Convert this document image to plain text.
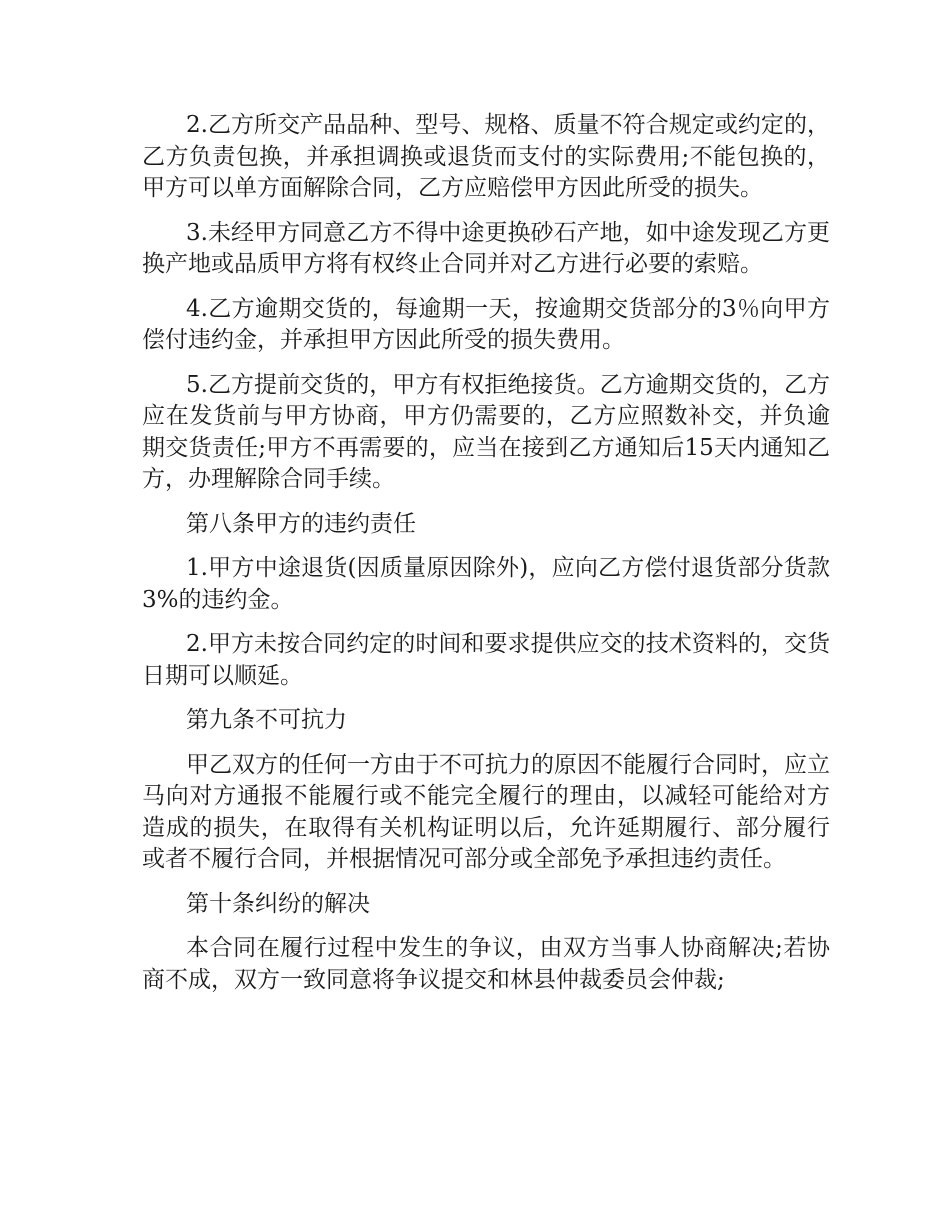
2.乙方所交产品品种、型号、规格、质量不符合规定或约定的，乙方负责包换，并承担调换或退货而支付的实际费用;不能包换的，甲方可以单方面解除合同，乙方应赔偿甲方因此所受的损失。

3.未经甲方同意乙方不得中途更换砂石产地，如中途发现乙方更换产地或品质甲方将有权终止合同并对乙方进行必要的索赔。

4.乙方逾期交货的，每逾期一天，按逾期交货部分的3％向甲方偿付违约金，并承担甲方因此所受的损失费用。

5.乙方提前交货的，甲方有权拒绝接货。乙方逾期交货的，乙方应在发货前与甲方协商，甲方仍需要的，乙方应照数补交，并负逾期交货责任;甲方不再需要的，应当在接到乙方通知后15天内通知乙方，办理解除合同手续。

第八条甲方的违约责任

1.甲方中途退货(因质量原因除外)，应向乙方偿付退货部分货款3%的违约金。

2.甲方未按合同约定的时间和要求提供应交的技术资料的，交货日期可以顺延。

第九条不可抗力

甲乙双方的任何一方由于不可抗力的原因不能履行合同时，应立马向对方通报不能履行或不能完全履行的理由，以减轻可能给对方造成的损失，在取得有关机构证明以后，允许延期履行、部分履行或者不履行合同，并根据情况可部分或全部免予承担违约责任。

第十条纠纷的解决

本合同在履行过程中发生的争议，由双方当事人协商解决;若协商不成，双方一致同意将争议提交和林县仲裁委员会仲裁;
